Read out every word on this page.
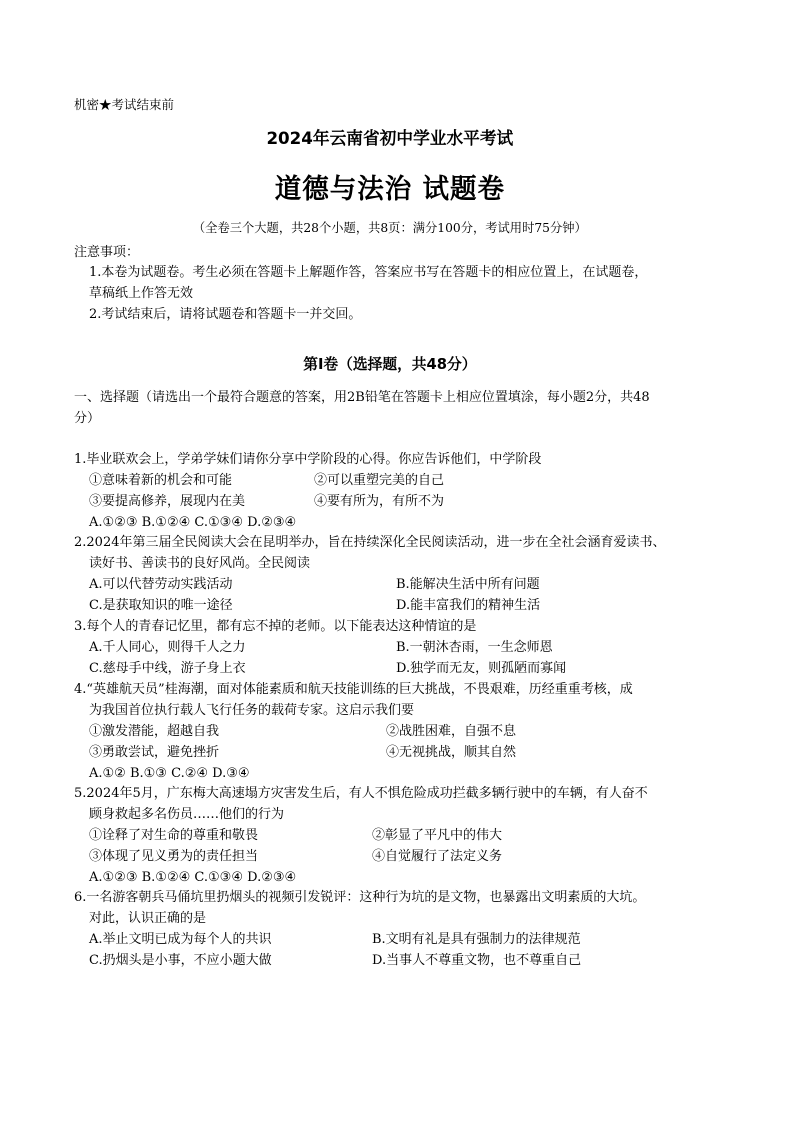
机密★考试结束前
2024年云南省初中学业水平考试
道德与法治 试题卷
（全卷三个大题，共28个小题，共8页：满分100分，考试用时75分钟）
注意事项：
1.本卷为试题卷。考生必须在答题卡上解题作答，答案应书写在答题卡的相应位置上，在试题卷，
草稿纸上作答无效
2.考试结束后，请将试题卷和答题卡一并交回。
第Ⅰ卷（选择题，共48分）
一、选择题（请选出一个最符合题意的答案，用2B铅笔在答题卡上相应位置填涂，每小题2分，共48
分）
1.毕业联欢会上，学弟学妹们请你分享中学阶段的心得。你应告诉他们，中学阶段
①意味着新的机会和可能	②可以重塑完美的自己
③要提高修养，展现内在美	④要有所为，有所不为
A.①②③ B.①②④ C.①③④ D.②③④
2.2024年第三届全民阅读大会在昆明举办，旨在持续深化全民阅读活动，进一步在全社会涵育爱读书、
读好书、善读书的良好风尚。全民阅读
A.可以代替劳动实践活动	B.能解决生活中所有问题
C.是获取知识的唯一途径	D.能丰富我们的精神生活
3.每个人的青春记忆里，都有忘不掉的老师。以下能表达这种情谊的是
A.千人同心，则得千人之力	B.一朝沐杏雨，一生念师恩
C.慈母手中线，游子身上衣	D.独学而无友，则孤陋而寡闻
4.“英雄航天员”桂海潮，面对体能素质和航天技能训练的巨大挑战，不畏艰难，历经重重考核，成
为我国首位执行载人飞行任务的载荷专家。这启示我们要
①激发潜能，超越自我	②战胜困难，自强不息
③勇敢尝试，避免挫折	④无视挑战，顺其自然
A.①② B.①③ C.②④ D.③④
5.2024年5月，广东梅大高速塌方灾害发生后，有人不惧危险成功拦截多辆行驶中的车辆，有人奋不
顾身救起多名伤员……他们的行为
①诠释了对生命的尊重和敬畏	②彰显了平凡中的伟大
③体现了见义勇为的责任担当	④自觉履行了法定义务
A.①②③ B.①②④ C.①③④ D.②③④
6.一名游客朝兵马俑坑里扔烟头的视频引发锐评：这种行为坑的是文物，也暴露出文明素质的大坑。
对此，认识正确的是
A.举止文明已成为每个人的共识	B.文明有礼是具有强制力的法律规范
C.扔烟头是小事，不应小题大做	D.当事人不尊重文物，也不尊重自己
